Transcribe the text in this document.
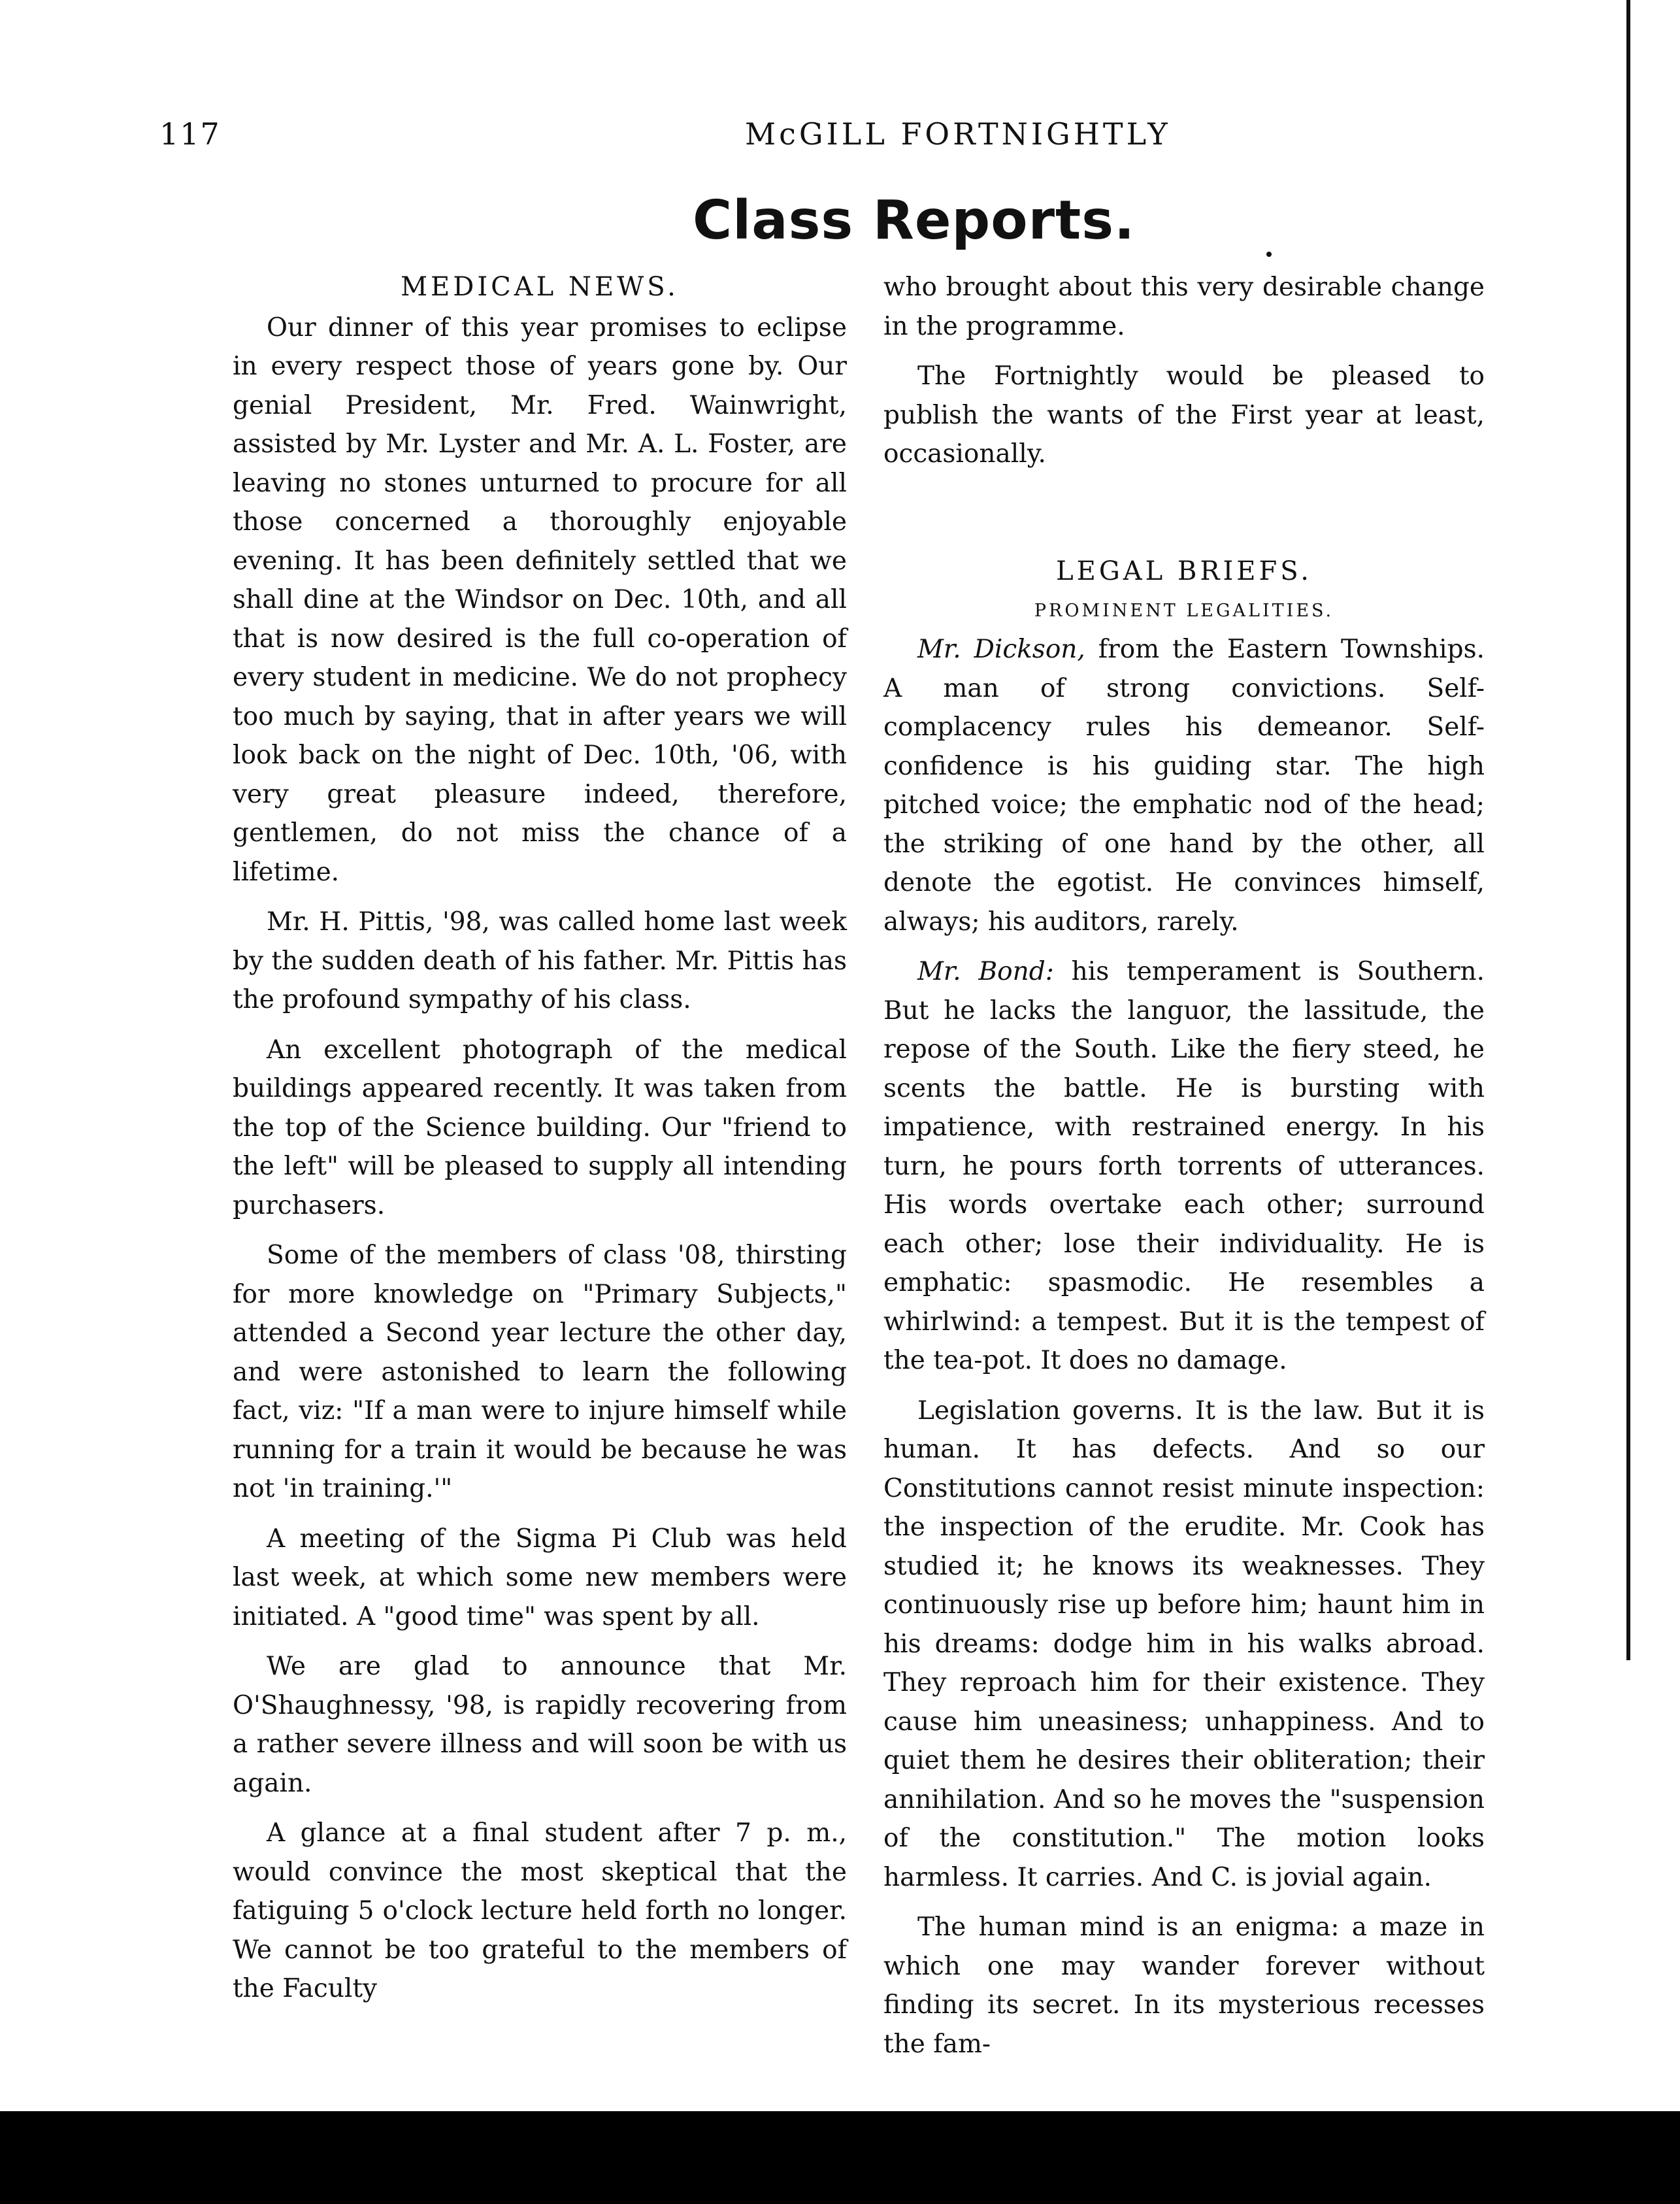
117	McGILL FORTNIGHTLY
Class Reports.

MEDICAL NEWS.

Our dinner of this year promises to eclipse in every respect those of years gone by. Our genial President, Mr. Fred. Wainwright, assisted by Mr. Lyster and Mr. A. L. Foster, are leaving no stones unturned to procure for all those concerned a thoroughly enjoyable evening. It has been definitely settled that we shall dine at the Windsor on Dec. 10th, and all that is now desired is the full co-operation of every student in medicine. We do not prophecy too much by saying, that in after years we will look back on the night of Dec. 10th, '06, with very great pleasure indeed, therefore, gentlemen, do not miss the chance of a lifetime.

Mr. H. Pittis, '98, was called home last week by the sudden death of his father. Mr. Pittis has the profound sympathy of his class.

An excellent photograph of the medical buildings appeared recently. It was taken from the top of the Science building. Our "friend to the left" will be pleased to supply all intending purchasers.

Some of the members of class '08, thirsting for more knowledge on "Primary Subjects," attended a Second year lecture the other day, and were astonished to learn the following fact, viz: "If a man were to injure himself while running for a train it would be because he was not 'in training.'"

A meeting of the Sigma Pi Club was held last week, at which some new members were initiated. A "good time" was spent by all.

We are glad to announce that Mr. O'Shaughnessy, '98, is rapidly recovering from a rather severe illness and will soon be with us again.

A glance at a final student after 7 p. m., would convince the most skeptical that the fatiguing 5 o'clock lecture held forth no longer. We cannot be too grateful to the members of the Faculty

who brought about this very desirable change in the programme.

The Fortnightly would be pleased to publish the wants of the First year at least, occasionally.

LEGAL BRIEFS.

PROMINENT LEGALITIES.

Mr. Dickson, from the Eastern Townships. A man of strong convictions. Self-complacency rules his demeanor. Self-confidence is his guiding star. The high pitched voice; the emphatic nod of the head; the striking of one hand by the other, all denote the egotist. He convinces himself, always; his auditors, rarely.

Mr. Bond: his temperament is Southern. But he lacks the languor, the lassitude, the repose of the South. Like the fiery steed, he scents the battle. He is bursting with impatience, with restrained energy. In his turn, he pours forth torrents of utterances. His words overtake each other; surround each other; lose their individuality. He is emphatic: spasmodic. He resembles a whirlwind: a tempest. But it is the tempest of the tea-pot. It does no damage.

Legislation governs. It is the law. But it is human. It has defects. And so our Constitutions cannot resist minute inspection: the inspection of the erudite. Mr. Cook has studied it; he knows its weaknesses. They continuously rise up before him; haunt him in his dreams: dodge him in his walks abroad. They reproach him for their existence. They cause him uneasiness; unhappiness. And to quiet them he desires their obliteration; their annihilation. And so he moves the "suspension of the constitution." The motion looks harmless. It carries. And C. is jovial again.

The human mind is an enigma: a maze in which one may wander forever without finding its secret. In its mysterious recesses the fam-
